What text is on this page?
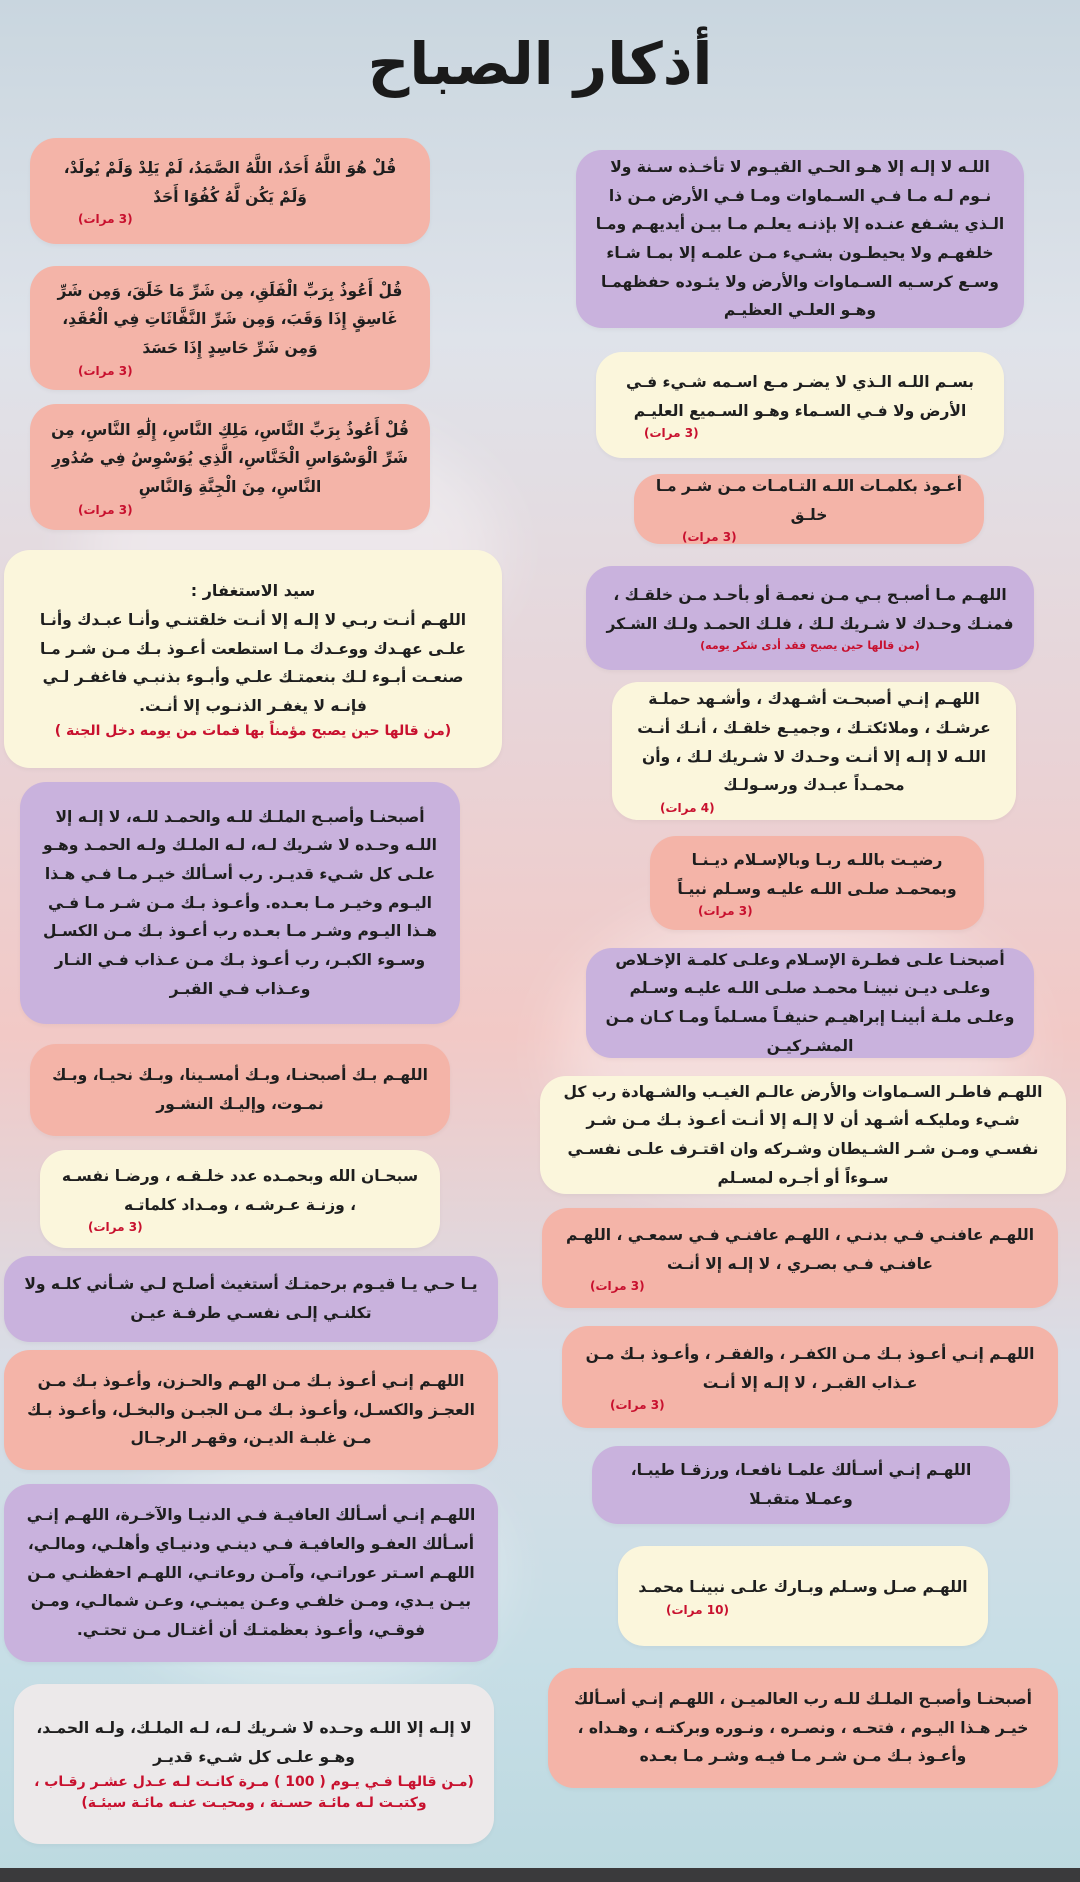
أذكار الصباح
قُلْ هُوَ اللَّهُ أَحَدٌ، اللَّهُ الصَّمَدُ، لَمْ يَلِدْ وَلَمْ يُولَدْ، وَلَمْ يَكُن لَّهُ كُفُوًا أَحَدٌ
(3 مرات)
قُلْ أَعُوذُ بِرَبِّ الْفَلَقِ، مِن شَرِّ مَا خَلَقَ، وَمِن شَرِّ غَاسِقٍ إِذَا وَقَبَ، وَمِن شَرِّ النَّفَّاثَاتِ فِي الْعُقَدِ، وَمِن شَرِّ حَاسِدٍ إِذَا حَسَدَ
(3 مرات)
قُلْ أَعُوذُ بِرَبِّ النَّاسِ، مَلِكِ النَّاسِ، إِلَٰهِ النَّاسِ، مِن شَرِّ الْوَسْوَاسِ الْخَنَّاسِ، الَّذِي يُوَسْوِسُ فِي صُدُورِ النَّاسِ، مِنَ الْجِنَّةِ وَالنَّاسِ
(3 مرات)
سيد الاستغفار :
اللهـم أنـت ربـي لا إلـه إلا أنـت خلقتنـي وأنـا عبـدك وأنـا علـى عهـدك ووعـدك مـا استطعت أعـوذ بـك مـن شـر مـا صنعـت أبـوء لـك بنعمتـك علـي وأبـوء بذنبـي فاغفـر لـي فإنـه لا يغفـر الذنـوب إلا أنـت.
(من قالها حين يصبح مؤمناً بها فمات من يومه دخل الجنة )
أصبحنـا وأصبـح الملـك للـه والحمـد للـه، لا إلـه إلا اللـه وحـده لا شـريك لـه، لـه الملـك ولـه الحمـد وهـو علـى كل شـيء قديـر. رب أسـألك خيـر مـا فـي هـذا اليـوم وخيـر مـا بعـده. وأعـوذ بـك مـن شـر مـا فـي هـذا اليـوم وشـر مـا بعـده رب أعـوذ بـك مـن الكسـل وسـوء الكبـر، رب أعـوذ بـك مـن عـذاب فـي النـار وعـذاب فـي القبـر
اللهـم بـك أصبحنـا، وبـك أمسـينا، وبـك نحيـا، وبـك نمـوت، وإليـك النشـور
سبحـان الله وبحمـده عدد خلـقـه ، ورضـا نفسـه ، وزنـة عـرشـه ، ومـداد كلماتـه
(3 مرات)
يـا حـي يـا قيـوم برحمتـك أستغيث أصلـح لـي شـأني كلـه ولا تكلنـي إلـى نفسـي طرفـة عيـن
اللهـم إنـي أعـوذ بـك مـن الهـم والحـزن، وأعـوذ بـك مـن العجـز والكسـل، وأعـوذ بـك مـن الجبـن والبخـل، وأعـوذ بـك مـن غلبـة الديـن، وقهـر الرجـال
اللهـم إنـي أسـألك العافيـة فـي الدنيـا والآخـرة، اللهـم إنـي أسـألك العفـو والعافيـة فـي دينـي ودنيـاي وأهلـي، ومالـي، اللهـم اسـتر عوراتـي، وآمـن روعاتـي، اللهـم احفظنـي مـن بيـن يـدي، ومـن خلفـي وعـن يمينـي، وعـن شمالـي، ومـن فوقـي، وأعـوذ بعظمتـك أن أغتـال مـن تحتـي.
لا إلـه إلا اللـه وحـده لا شـريك لـه، لـه الملـك، ولـه الحمـد، وهـو علـى كل شـيء قديـر
(مـن قالهـا فـي يـوم ( 100 ) مـرة كانـت لـه عـدل عشـر رقـاب ، وكتبـت لـه مائـة حسـنة ، ومحيـت عنـه مائـة سيئـة)
اللـه لا إلـه إلا هـو الحـي القيـوم لا تأخـذه سـنة ولا نـوم لـه مـا فـي السـماوات ومـا فـي الأرض مـن ذا الـذي يشـفع عنـده إلا بإذنـه يعلـم مـا بيـن أيديهـم ومـا خلفهـم ولا يحيطـون بشـيء مـن علمـه إلا بمـا شـاء وسـع كرسـيه السـماوات والأرض ولا يئـوده حفظهمـا وهـو العلـي العظيـم
بسـم اللـه الـذي لا يضـر مـع اسـمه شـيء فـي الأرض ولا فـي السـماء وهـو السـميع العليـم
(3 مرات)
أعـوذ بكلمـات اللـه التـامـات مـن شـر مـا خلـق
(3 مرات)
اللهـم مـا أصبـح بـي مـن نعمـة أو بأحـد مـن خلقـك ، فمنـك وحـدك لا شـريك لـك ، فلـك الحمـد ولـك الشـكر
(من قالها حين يصبح فقد أدى شكر يومه)
اللهـم إنـي أصبحـت أشـهدك ، وأشـهد حملـة عرشـك ، وملائكتـك ، وجميـع خلقـك ، أنـك أنـت اللـه لا إلـه إلا أنـت وحـدك لا شـريك لـك ، وأن محمـداً عبـدك ورسـولـك
(4 مرات)
رضيـت باللـه ربـا وبالإسـلام ديـنـا وبمحمـد صلـى اللـه عليـه وسـلم نبيـاً
(3 مرات)
أصبحنـا علـى فطـرة الإسـلام وعلـى كلمـة الإخـلاص وعلـى ديـن نبينـا محمـد صلـى اللـه عليـه وسـلم وعلـى ملـة أبينـا إبراهيـم حنيفـاً مسـلماً ومـا كـان مـن المشـركيـن
اللهـم فاطـر السـماوات والأرض عالـم الغيـب والشـهادة رب كل شـيء ومليكـه أشـهد أن لا إلـه إلا أنـت أعـوذ بـك مـن شـر نفسـي ومـن شـر الشـيطان وشـركه وان اقتـرف علـى نفسـي سـوءاً أو أجـره لمسـلم
اللهـم عافنـي فـي بدنـي ، اللهـم عافنـي فـي سمعـي ، اللهـم عافنـي فـي بصـري ، لا إلـه إلا أنـت
(3 مرات)
اللهـم إنـي أعـوذ بـك مـن الكفـر ، والفقـر ، وأعـوذ بـك مـن عـذاب القبـر ، لا إلـه إلا أنـت
(3 مرات)
اللهـم إنـي أسـألك علمـا نافعـا، ورزقـا طيبـا، وعمـلا متقبـلا
اللهـم صـل وسـلم وبـارك علـى نبينـا محمـد
(10 مرات)
أصبحنـا وأصبـح الملـك للـه رب العالميـن ، اللهـم إنـي أسـألك خيـر هـذا اليـوم ، فتحـه ، ونصـره ، ونـوره وبركتـه ، وهـداه ، وأعـوذ بـك مـن شـر مـا فيـه وشـر مـا بعـده
